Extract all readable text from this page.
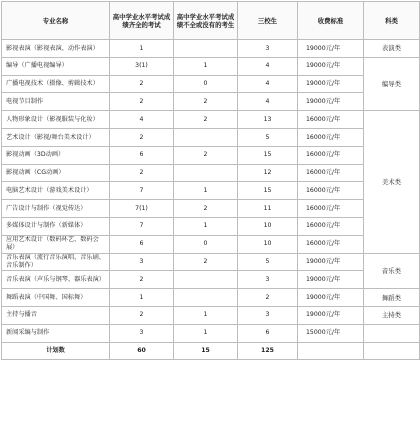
专业名称	高中学业水平考试成绩齐全的考试	高中学业水平考试成绩不全或没有的考生	三校生	收费标准	科类
影视表演（影视表演、动作表演）	1		3	19000元/年	表演类
编导（广播电视编导）	3(1)	1	4	19000元/年	编导类
广播电视技术（摄像、剪辑技术）	2	0	4	19000元/年	
电视节目制作	2	2	4	19000元/年	
人物形象设计（影视服装与化妆）	4	2	13	16000元/年	美术类
艺术设计（影视/舞台美术设计）	2		5	16000元/年	
影视动画（3D动画）	6	2	15	16000元/年	
影视动画（CG动画）	2		12	16000元/年	
电脑艺术设计（游戏美术设计）	7	1	15	16000元/年	
广告设计与制作（视觉传达）	7(1)	2	11	16000元/年	
多媒体设计与制作（新媒体）	7	1	10	16000元/年	
应用艺术设计（数码环艺、数码会展）	6	0	10	16000元/年	
音乐表演（流行音乐演唱、音乐剧、音乐制作）	3	2	5	19000元/年	音乐类
音乐表演（声乐与钢琴、器乐表演）	2		3	19000元/年	
舞蹈表演（中国舞、国标舞）	1		2	19000元/年	舞蹈类
主持与播音	2	1	3	19000元/年	主持类
新闻采编与制作	3	1	6	15000元/年	
计划数	60	15	125		
